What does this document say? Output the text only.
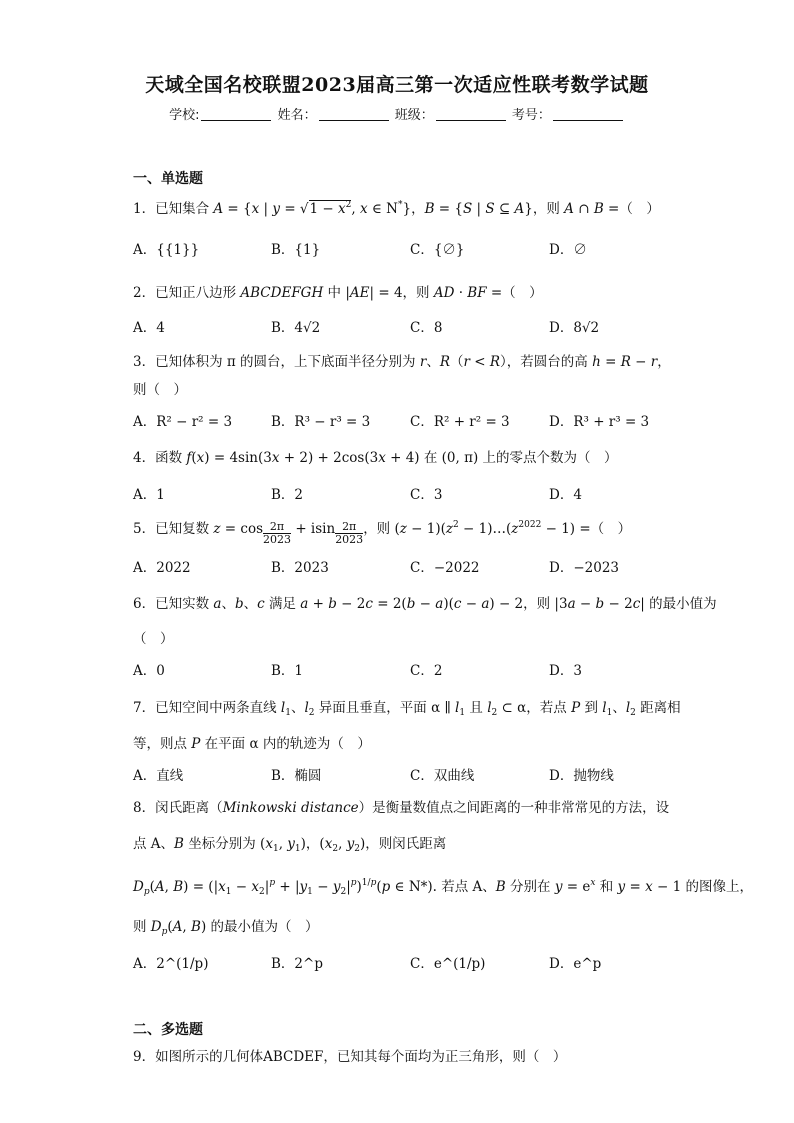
天域全国名校联盟2023届高三第一次适应性联考数学试题
学校:	姓名：	班级：	考号：
一、单选题
1．已知集合 A = {x | $y = √1 - x^2$, x ∈ N*}，B = {S | S ⊆ A}，则 A ∩ B =（　）
A．{{1}}	B．{1}	C．{∅}	D．∅
2．已知正八边形 ABCDEFGH 中 |AE| = 4，则 AD · BF =（　）
A．4	B．4√2	C．8	D．8√2
3．已知体积为 π 的圆台，上下底面半径分别为 r、R（r < R），若圆台的高 h = R − r，
则（　）
A．R² − r² = 3	B．R³ − r³ = 3	C．R² + r² = 3	D．R³ + r³ = 3
4．函数 f(x) = 4sin(3x + 2) + 2cos(3x + 4) 在 (0, π) 上的零点个数为（　）
A．1	B．2	C．3	D．4
5．已知复数 $z = \cos \frac{2\pi}{2023} + isin \frac{2\pi}{2023}$ ，则 $(z - 1)(z^2$ − $1)\dots(z^{2022} - 1)$ =（　）
A．2022	B．2023	C．−2022	D．−2023
6．已知实数 a、b、c 满足 a + b − 2c = 2(b − a)(c − a) − 2，则 |3a − b − 2c| 的最小值为
（　）
A．0	B．1	C．2	D．3
7．已知空间中两条直线 $l_1$、$l_2$ 异面且垂直，平面 α ∥ $l_1$ 且 $l_2$ ⊂ α，若点 P 到 $l_1$、$l_2$ 距离相
等，则点 P 在平面 α 内的轨迹为（　）
A．直线	B．椭圆	C．双曲线	D．抛物线
8．闵氏距离（Minkowski distance）是衡量数值点之间距离的一种非常常见的方法，设
点 A、B 坐标分别为 ($x_1$, $y_1$)，($x_2$, $y_2$)，则闵氏距离
$D_p(A$, $B) = (|x_1 - x_2|^p + |y_1 - y_2|^p)^{1/p}(p$ ∈ N*). 若点 A、B 分别在 $y = e^x$ 和 y = x − 1 的图像上，
则 $D_p(A$, B) 的最小值为（　）
A．2^(1/p)	B．2^p	C．e^(1/p)	D．e^p
二、多选题
9．如图所示的几何体ABCDEF，已知其每个面均为正三角形，则（　）
